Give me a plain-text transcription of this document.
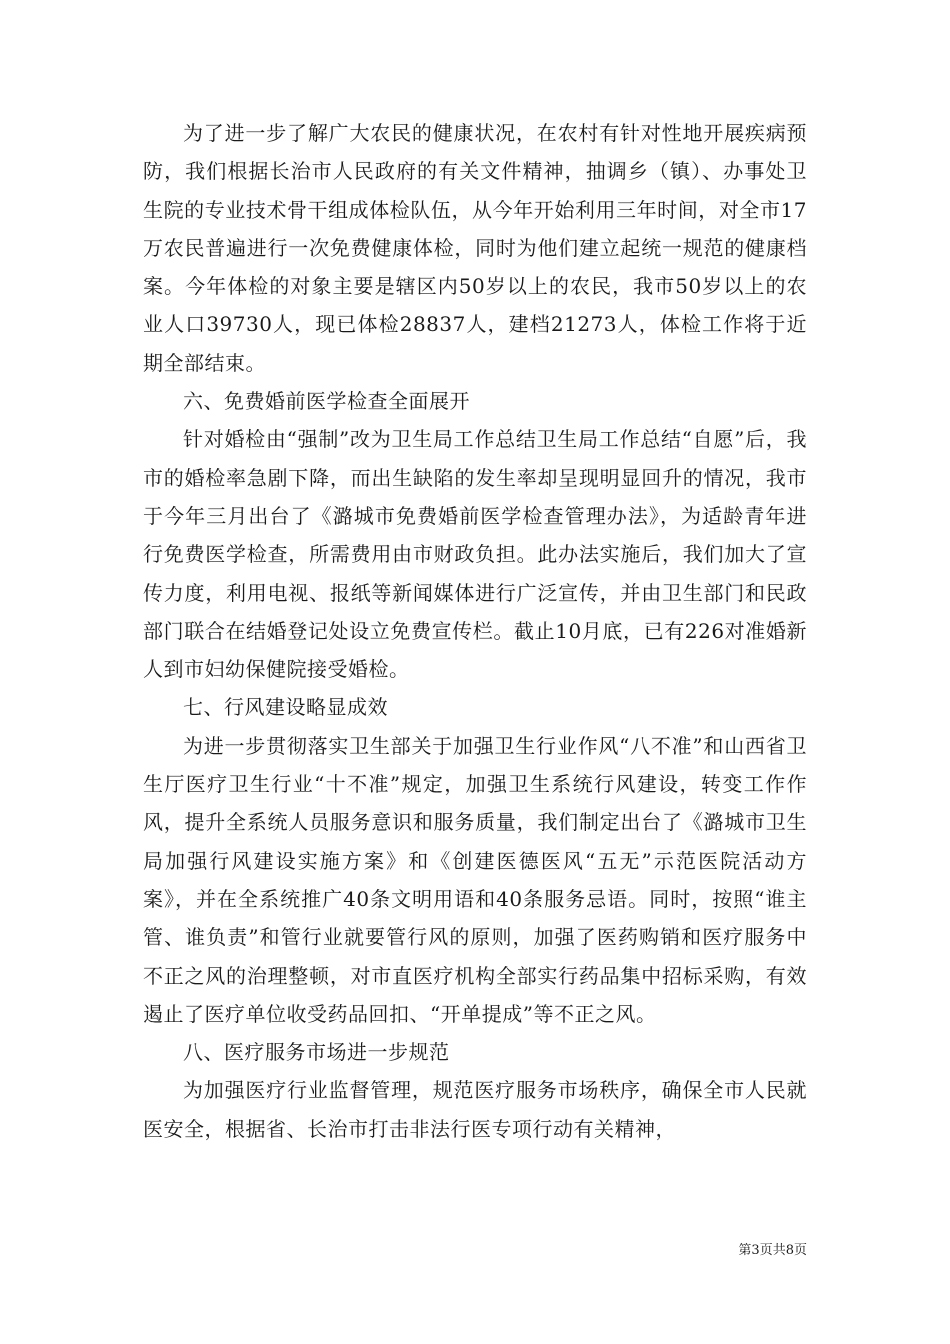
为了进一步了解广大农民的健康状况，在农村有针对性地开展疾病预防，我们根据长治市人民政府的有关文件精神，抽调乡（镇）、办事处卫生院的专业技术骨干组成体检队伍，从今年开始利用三年时间，对全市17万农民普遍进行一次免费健康体检，同时为他们建立起统一规范的健康档案。今年体检的对象主要是辖区内50岁以上的农民，我市50岁以上的农业人口39730人，现已体检28837人，建档21273人，体检工作将于近期全部结束。

六、免费婚前医学检查全面展开

针对婚检由“强制”改为卫生局工作总结卫生局工作总结“自愿”后，我市的婚检率急剧下降，而出生缺陷的发生率却呈现明显回升的情况，我市于今年三月出台了《潞城市免费婚前医学检查管理办法》，为适龄青年进行免费医学检查，所需费用由市财政负担。此办法实施后，我们加大了宣传力度，利用电视、报纸等新闻媒体进行广泛宣传，并由卫生部门和民政部门联合在结婚登记处设立免费宣传栏。截止10月底，已有226对准婚新人到市妇幼保健院接受婚检。

七、行风建设略显成效

为进一步贯彻落实卫生部关于加强卫生行业作风“八不准”和山西省卫生厅医疗卫生行业“十不准”规定，加强卫生系统行风建设，转变工作作风，提升全系统人员服务意识和服务质量，我们制定出台了《潞城市卫生局加强行风建设实施方案》和《创建医德医风“五无”示范医院活动方案》，并在全系统推广40条文明用语和40条服务忌语。同时，按照“谁主管、谁负责”和管行业就要管行风的原则，加强了医药购销和医疗服务中不正之风的治理整顿，对市直医疗机构全部实行药品集中招标采购，有效遏止了医疗单位收受药品回扣、“开单提成”等不正之风。

八、医疗服务市场进一步规范

为加强医疗行业监督管理，规范医疗服务市场秩序，确保全市人民就医安全，根据省、长治市打击非法行医专项行动有关精神，

第3页共8页
